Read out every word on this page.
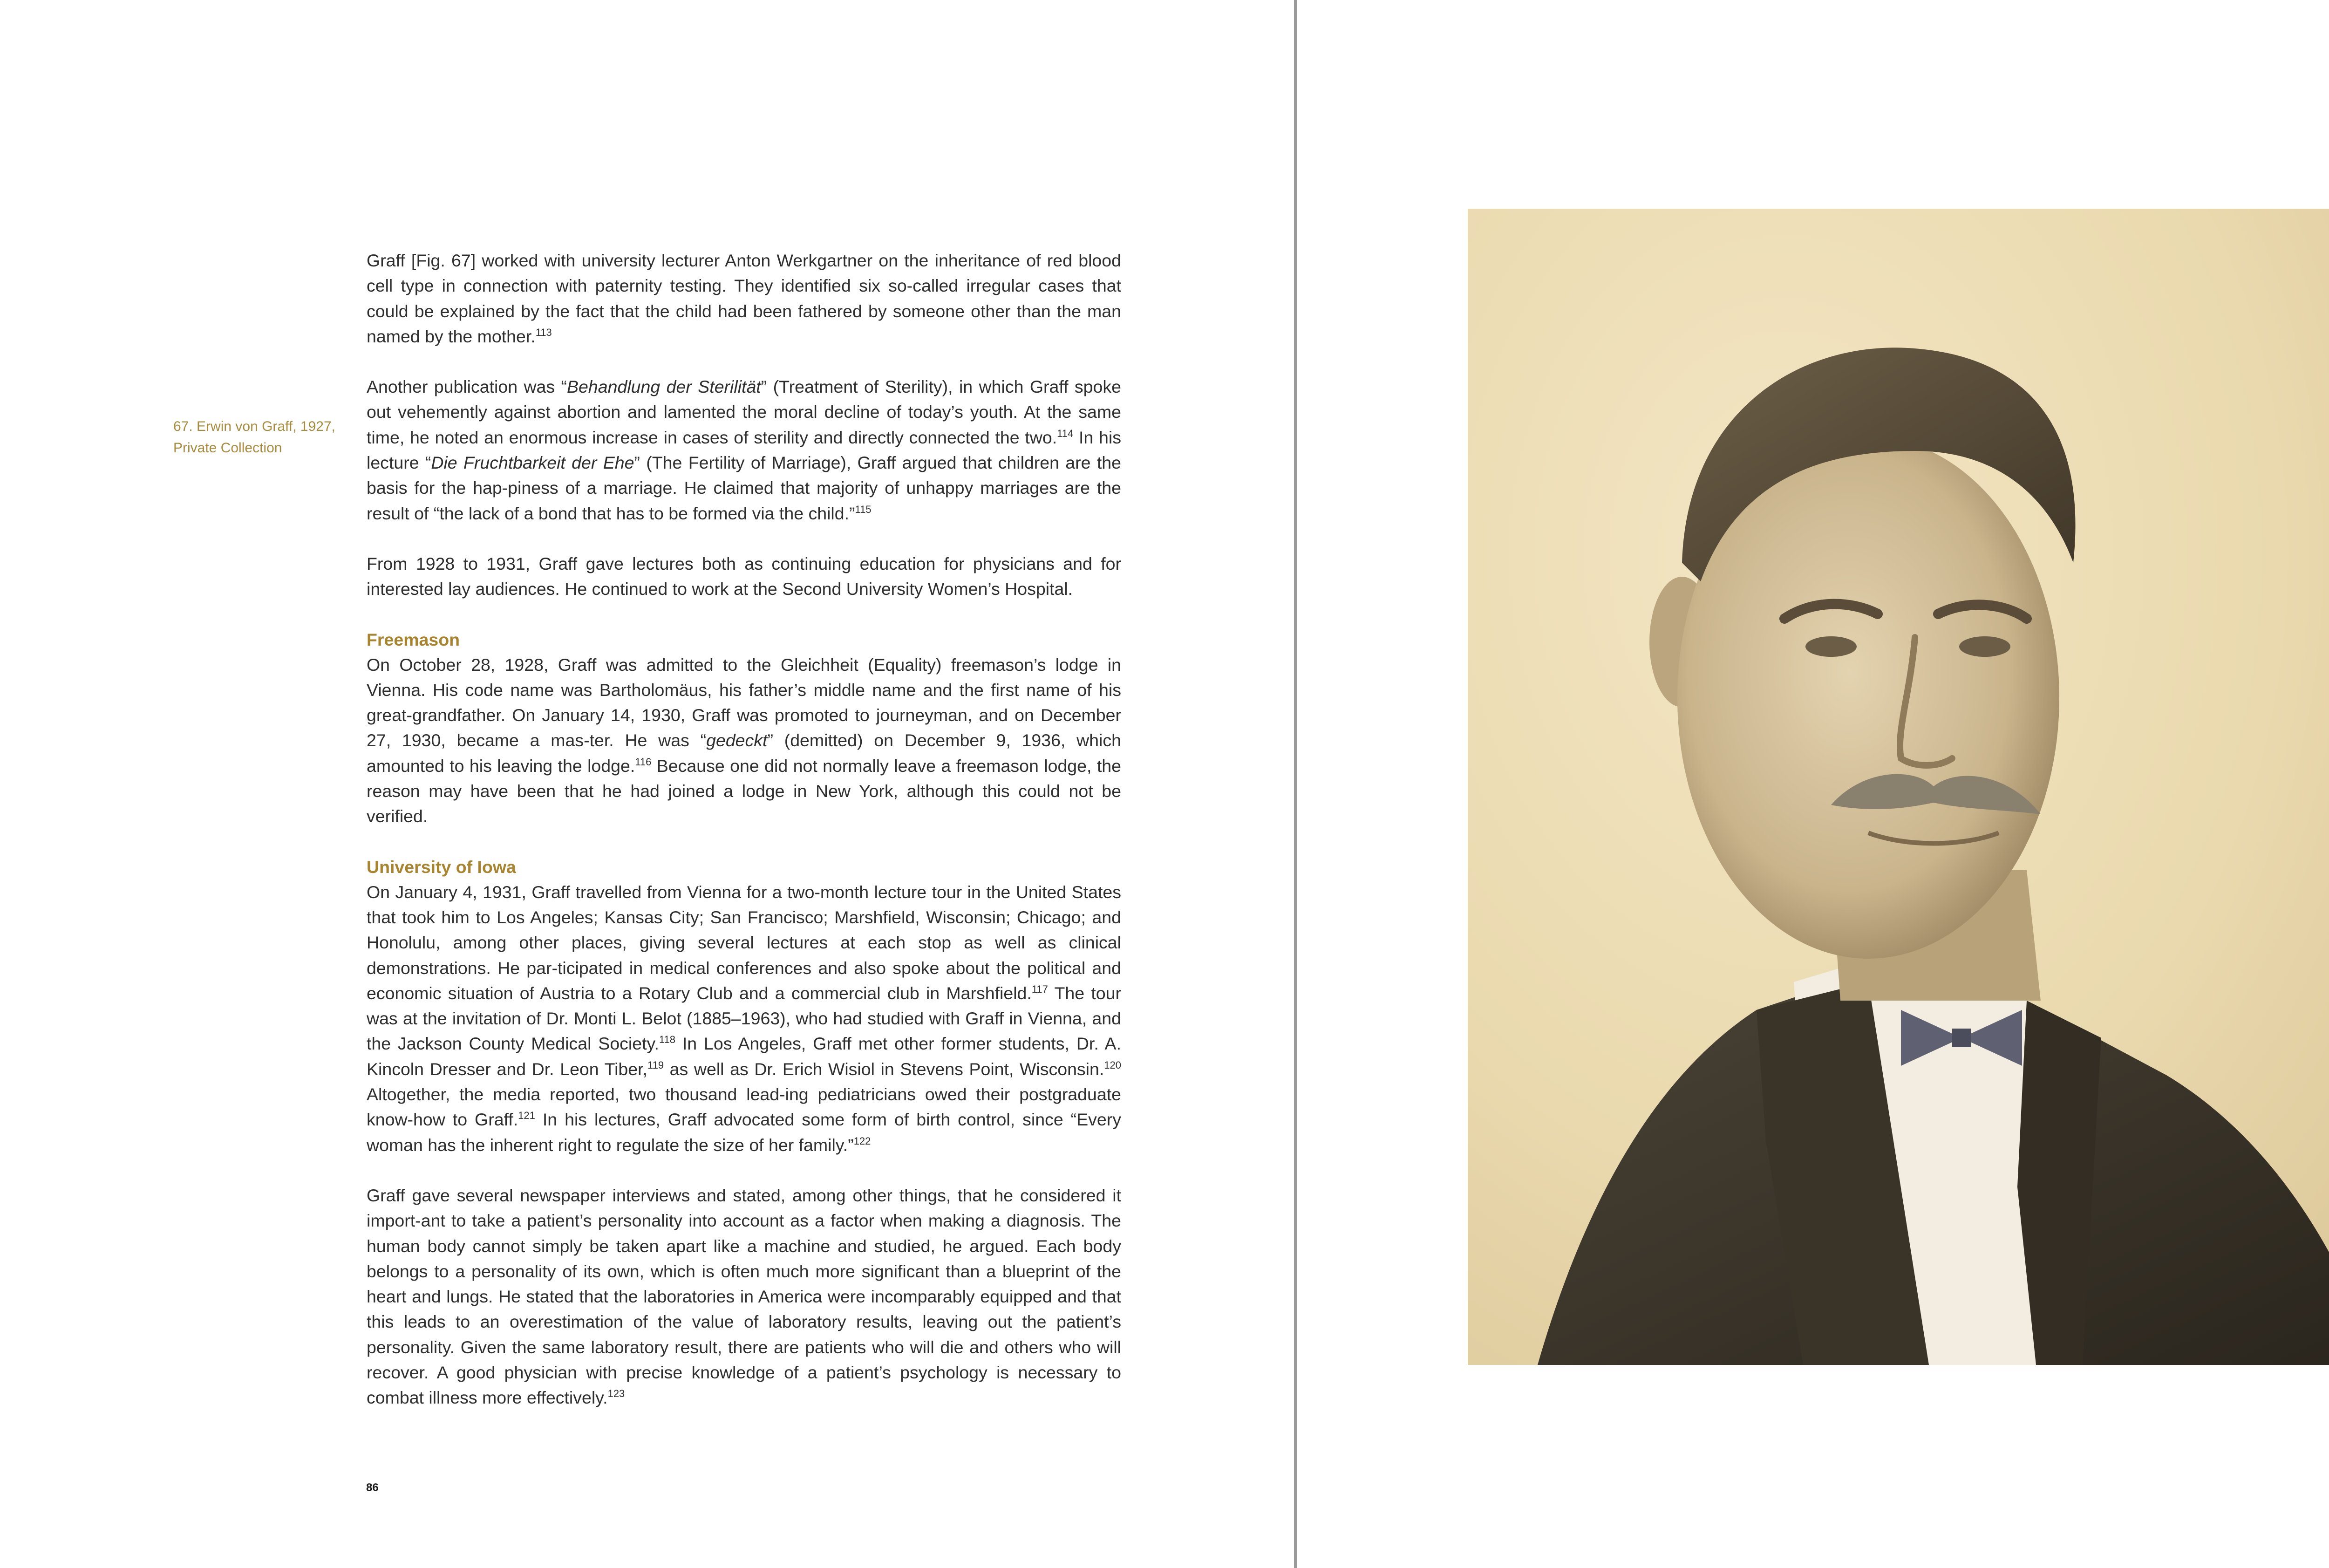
67. Erwin von Graff, 1927,
Private Collection

Graff [Fig. 67] worked with university lecturer Anton Werkgartner on the inheritance of red blood cell type in connection with paternity testing. They identified six so-called irregular cases that could be explained by the fact that the child had been fathered by someone other than the man named by the mother.$^{113}$

Another publication was “Behandlung der Sterilität” (Treatment of Sterility), in which Graff spoke out vehemently against abortion and lamented the moral decline of today’s youth. At the same time, he noted an enormous increase in cases of sterility and directly connected the two.$^{114}$ In his lecture “Die Fruchtbarkeit der Ehe” (The Fertility of Marriage), Graff argued that children are the basis for the hap-piness of a marriage. He claimed that majority of unhappy marriages are the result of “the lack of a bond that has to be formed via the child.”$^{115}$

From 1928 to 1931, Graff gave lectures both as continuing education for physicians and for interested lay audiences. He continued to work at the Second University Women’s Hospital.

Freemason

On October 28, 1928, Graff was admitted to the Gleichheit (Equality) freemason’s lodge in Vienna. His code name was Bartholomäus, his father’s middle name and the first name of his great-grandfather. On January 14, 1930, Graff was promoted to journeyman, and on December 27, 1930, became a mas-ter. He was “gedeckt” (demitted) on December 9, 1936, which amounted to his leaving the lodge.$^{116}$ Because one did not normally leave a freemason lodge, the reason may have been that he had joined a lodge in New York, although this could not be verified.

University of Iowa

On January 4, 1931, Graff travelled from Vienna for a two-month lecture tour in the United States that took him to Los Angeles; Kansas City; San Francisco; Marshfield, Wisconsin; Chicago; and Honolulu, among other places, giving several lectures at each stop as well as clinical demonstrations. He par-ticipated in medical conferences and also spoke about the political and economic situation of Austria to a Rotary Club and a commercial club in Marshfield.$^{117}$ The tour was at the invitation of Dr. Monti L. Belot (1885–1963), who had studied with Graff in Vienna, and the Jackson County Medical Society.$^{118}$ In Los Angeles, Graff met other former students, Dr. A. Kincoln Dresser and Dr. Leon Tiber,$^{119}$ as well as Dr. Erich Wisiol in Stevens Point, Wisconsin.$^{120}$ Altogether, the media reported, two thousand lead-ing pediatricians owed their postgraduate know-how to Graff.$^{121}$ In his lectures, Graff advocated some form of birth control, since “Every woman has the inherent right to regulate the size of her family.”$^{122}$

Graff gave several newspaper interviews and stated, among other things, that he considered it import-ant to take a patient’s personality into account as a factor when making a diagnosis. The human body cannot simply be taken apart like a machine and studied, he argued. Each body belongs to a personality of its own, which is often much more significant than a blueprint of the heart and lungs. He stated that the laboratories in America were incomparably equipped and that this leads to an overestimation of the value of laboratory results, leaving out the patient’s personality. Given the same laboratory result, there are patients who will die and others who will recover. A good physician with precise knowledge of a patient’s psychology is necessary to combat illness more effectively.$^{123}$

86
